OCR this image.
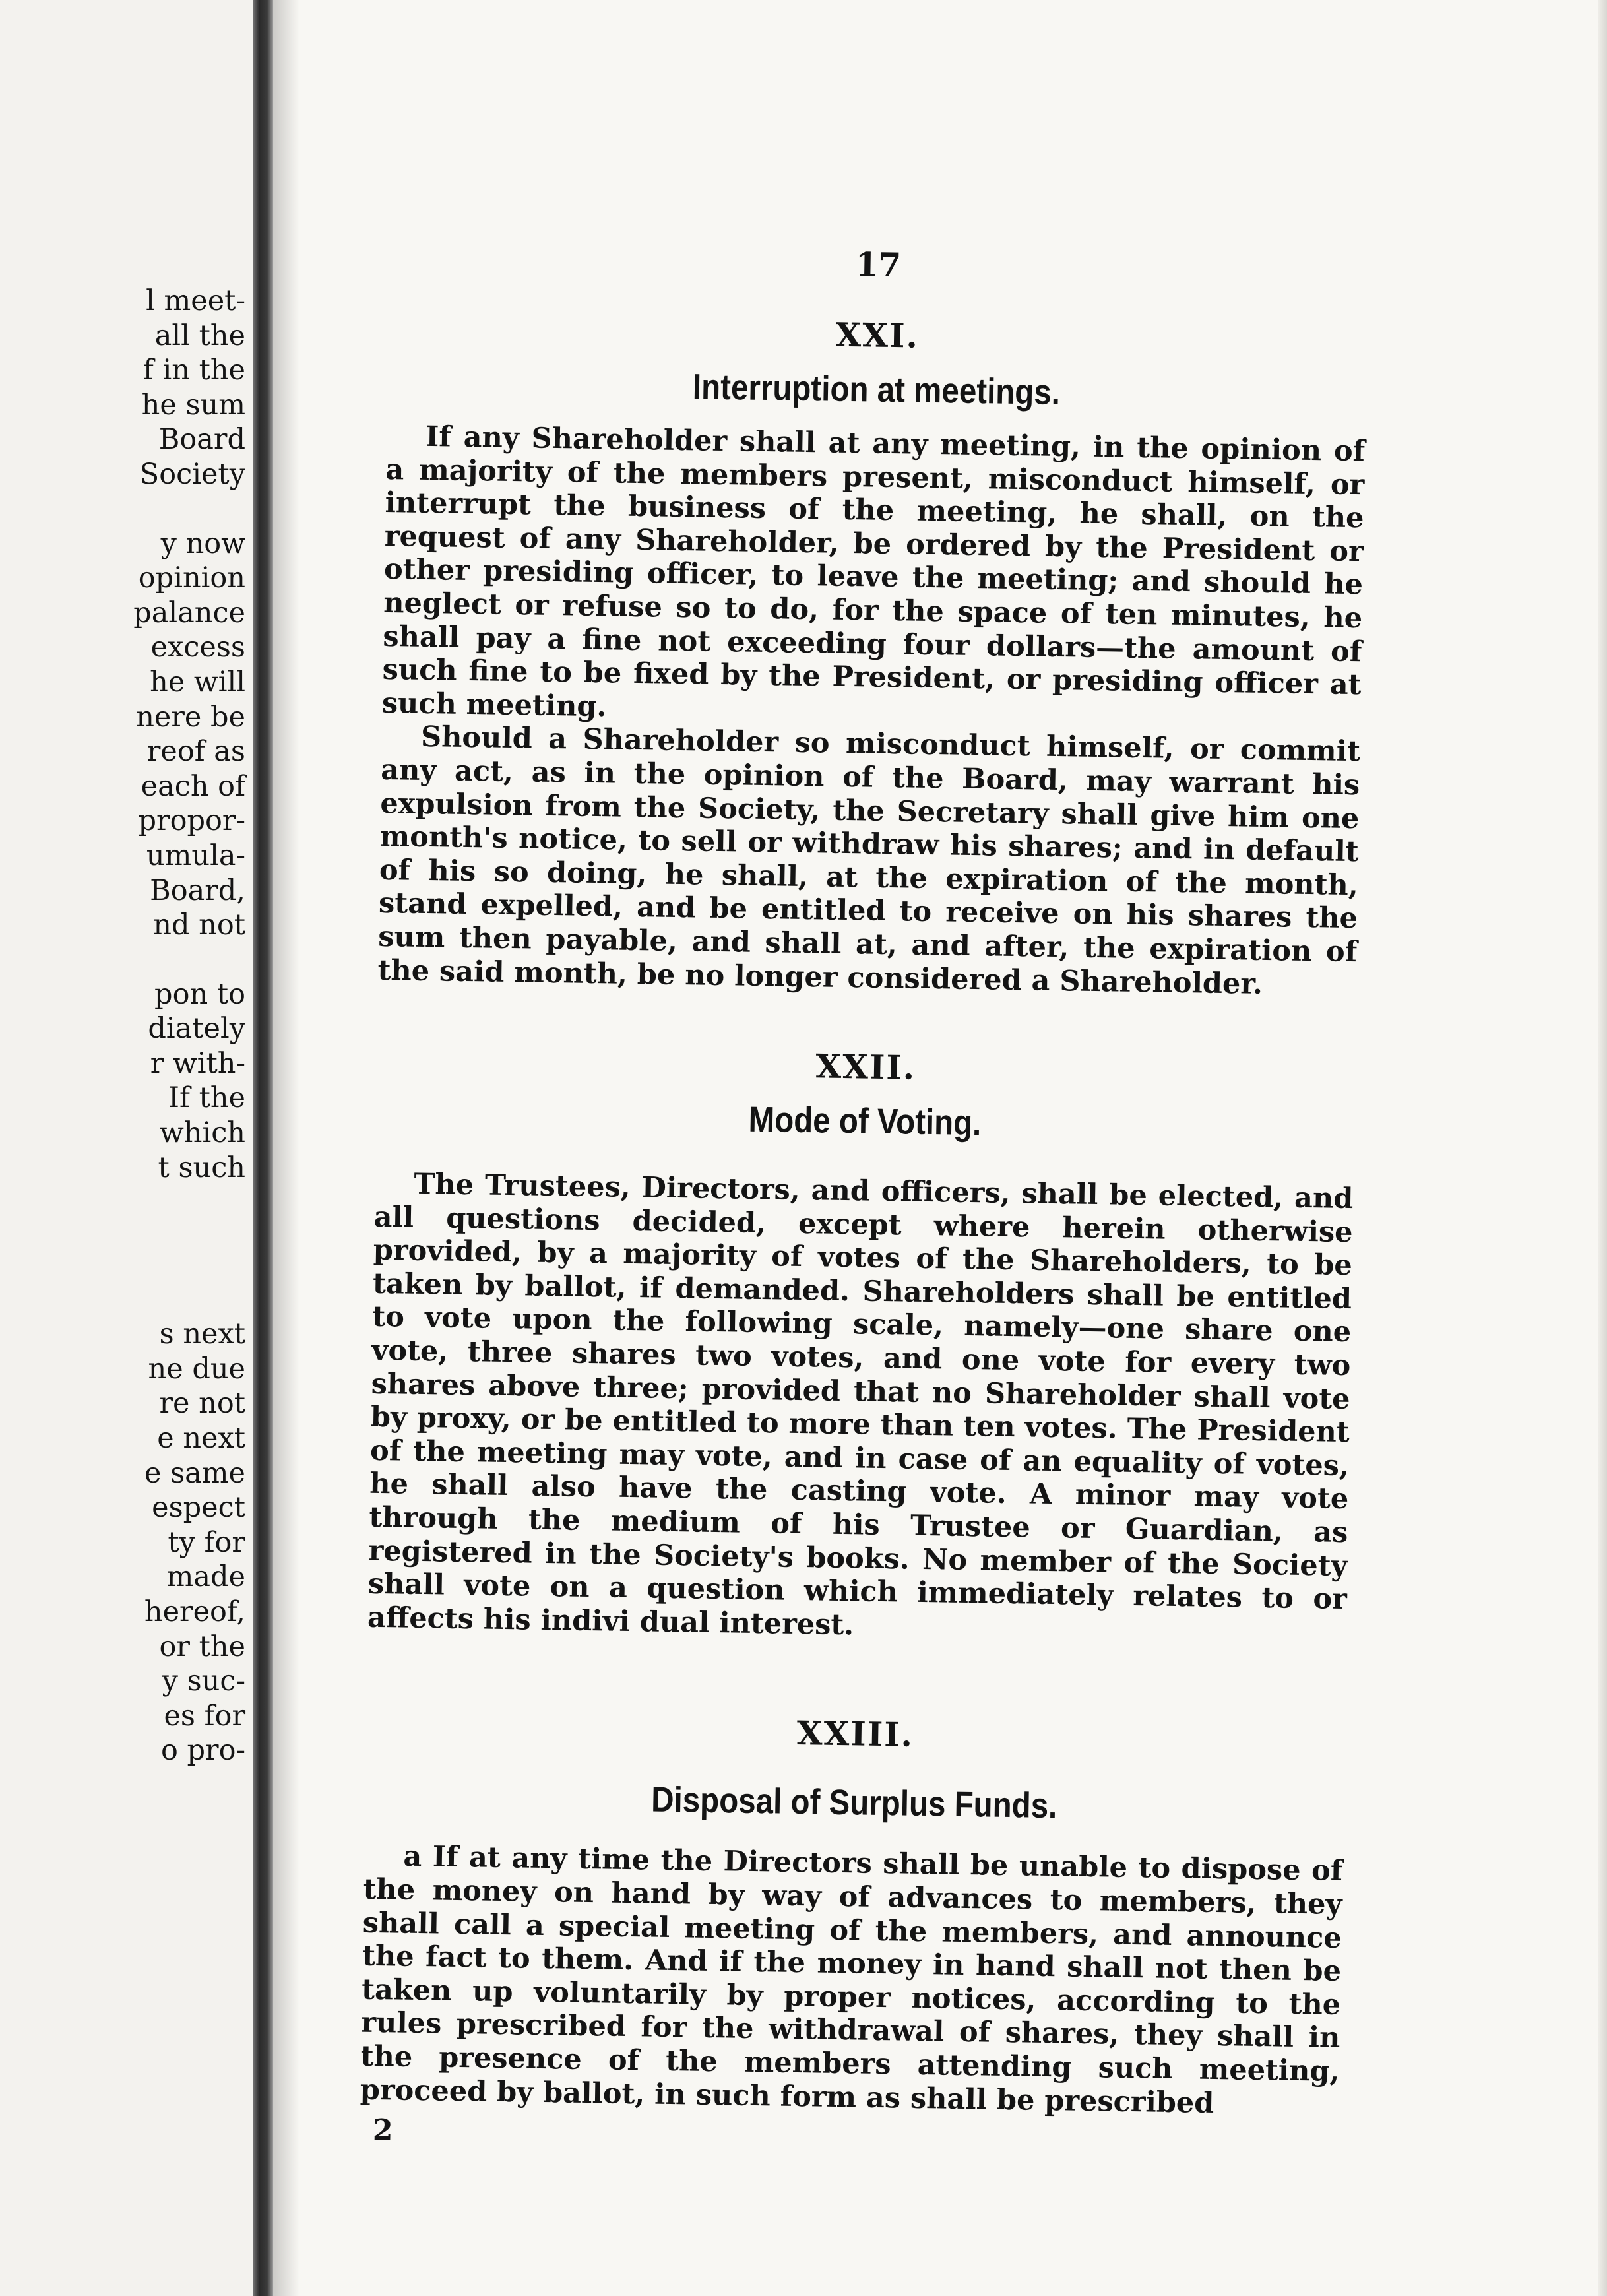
l meet-
all the
f in the
he sum
Board
Society
y now
opinion
palance
excess
he will
nere be
reof as
each of
propor-
umula-
Board,
nd not
pon to
diately
r with-
If the
which
t such
s next
ne due
re not
e next
e same
espect
ty for
made
hereof,
or the
y suc-
es for
o pro-
17
XXI.
Interruption at meetings.

If any Shareholder shall at any meeting, in the opinion of a majority of the members present, misconduct himself, or interrupt the business of the meeting, he shall, on the request of any Shareholder, be ordered by the President or other presiding officer, to leave the meeting; and should he neglect or refuse so to do, for the space of ten minutes, he shall pay a fine not exceeding four dollars—the amount of such fine to be fixed by the President, or presiding officer at such meeting.

Should a Shareholder so misconduct himself, or commit any act, as in the opinion of the Board, may warrant his expulsion from the Society, the Secretary shall give him one month's notice, to sell or withdraw his shares; and in default of his so doing, he shall, at the expiration of the month, stand expelled, and be entitled to receive on his shares the sum then payable, and shall at, and after, the expiration of the said month, be no longer considered a Shareholder.

XXII.
Mode of Voting.

The Trustees, Directors, and officers, shall be elected, and all questions decided, except where herein otherwise provided, by a majority of votes of the Shareholders, to be taken by ballot, if demanded. Shareholders shall be entitled to vote upon the following scale, namely—one share one vote, three shares two votes, and one vote for every two shares above three; provided that no Shareholder shall vote by proxy, or be entitled to more than ten votes. The President of the meeting may vote, and in case of an equality of votes, he shall also have the casting vote. A minor may vote through the medium of his Trustee or Guardian, as registered in the Society's books. No member of the Society shall vote on a question which immediately relates to or affects his indivi dual interest.

XXIII.
Disposal of Surplus Funds.

a If at any time the Directors shall be unable to dispose of the money on hand by way of advances to members, they shall call a special meeting of the members, and announce the fact to them. And if the money in hand shall not then be taken up voluntarily by proper notices, according to the rules prescribed for the withdrawal of shares, they shall in the presence of the members attending such meeting, proceed by ballot, in such form as shall be prescribed

2
